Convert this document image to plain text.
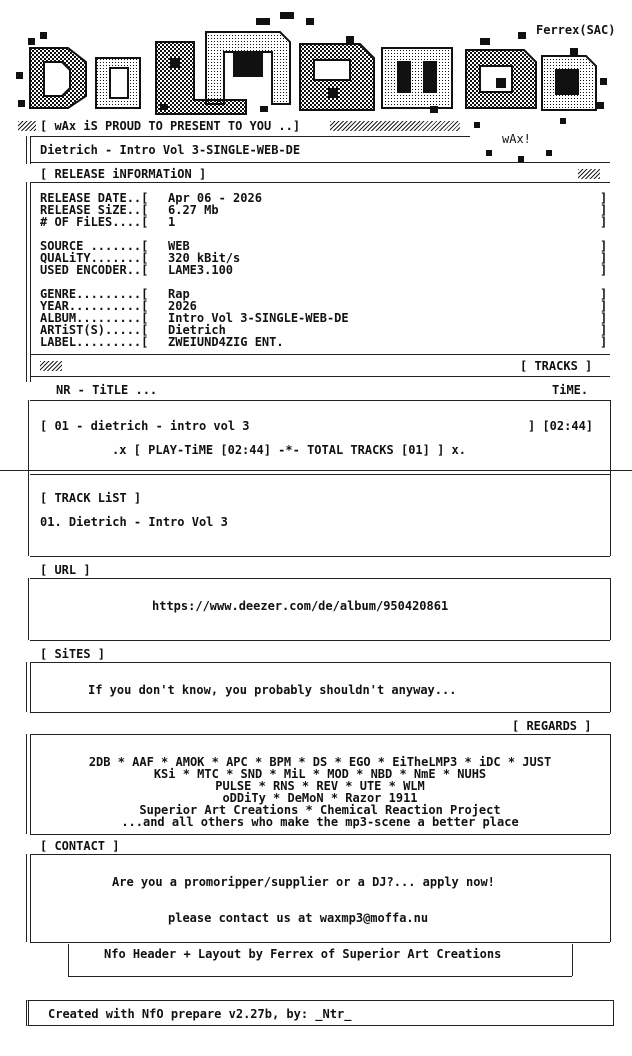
Ferrex(SAC)
wAx!
[ wAx iS PROUD TO PRESENT TO YOU ..]
Dietrich - Intro Vol 3-SINGLE-WEB-DE
[ RELEASE iNFORMATiON ]
RELEASE DATE..[ Apr 06 - 2026	]
RELEASE SiZE..[ 6.27 Mb	]
# OF FiLES....[ 1	]
SOURCE .......[ WEB	]
QUALiTY.......[ 320 kBit/s	]
USED ENCODER..[ LAME3.100	]
GENRE.........[ Rap	]
YEAR..........[ 2026	]
ALBUM.........[ Intro Vol 3-SINGLE-WEB-DE	]
ARTiST(S).....[ Dietrich	]
LABEL.........[ ZWEIUND4ZIG ENT.	]
[ TRACKS ]
NR - TiTLE ...	TiME.
[ 01 - dietrich - intro vol 3	] [02:44]
.x [ PLAY-TiME [02:44] -*- TOTAL TRACKS [01] ] x.
[ TRACK LiST ]
01. Dietrich - Intro Vol 3
[ URL ]
https://www.deezer.com/de/album/950420861
[ SiTES ]
If you don't know, you probably shouldn't anyway...
[ REGARDS ]
2DB * AAF * AMOK * APC * BPM * DS * EGO * EiTheLMP3 * iDC * JUST
KSi * MTC * SND * MiL * MOD * NBD * NmE * NUHS
PULSE * RNS * REV * UTE * WLM
oDDiTy * DeMoN * Razor 1911
Superior Art Creations * Chemical Reaction Project
...and all others who make the mp3-scene a better place
[ CONTACT ]
Are you a promoripper/supplier or a DJ?... apply now!
please contact us at waxmp3@moffa.nu
Nfo Header + Layout by Ferrex of Superior Art Creations
Created with NfO prepare v2.27b, by: _Ntr_
